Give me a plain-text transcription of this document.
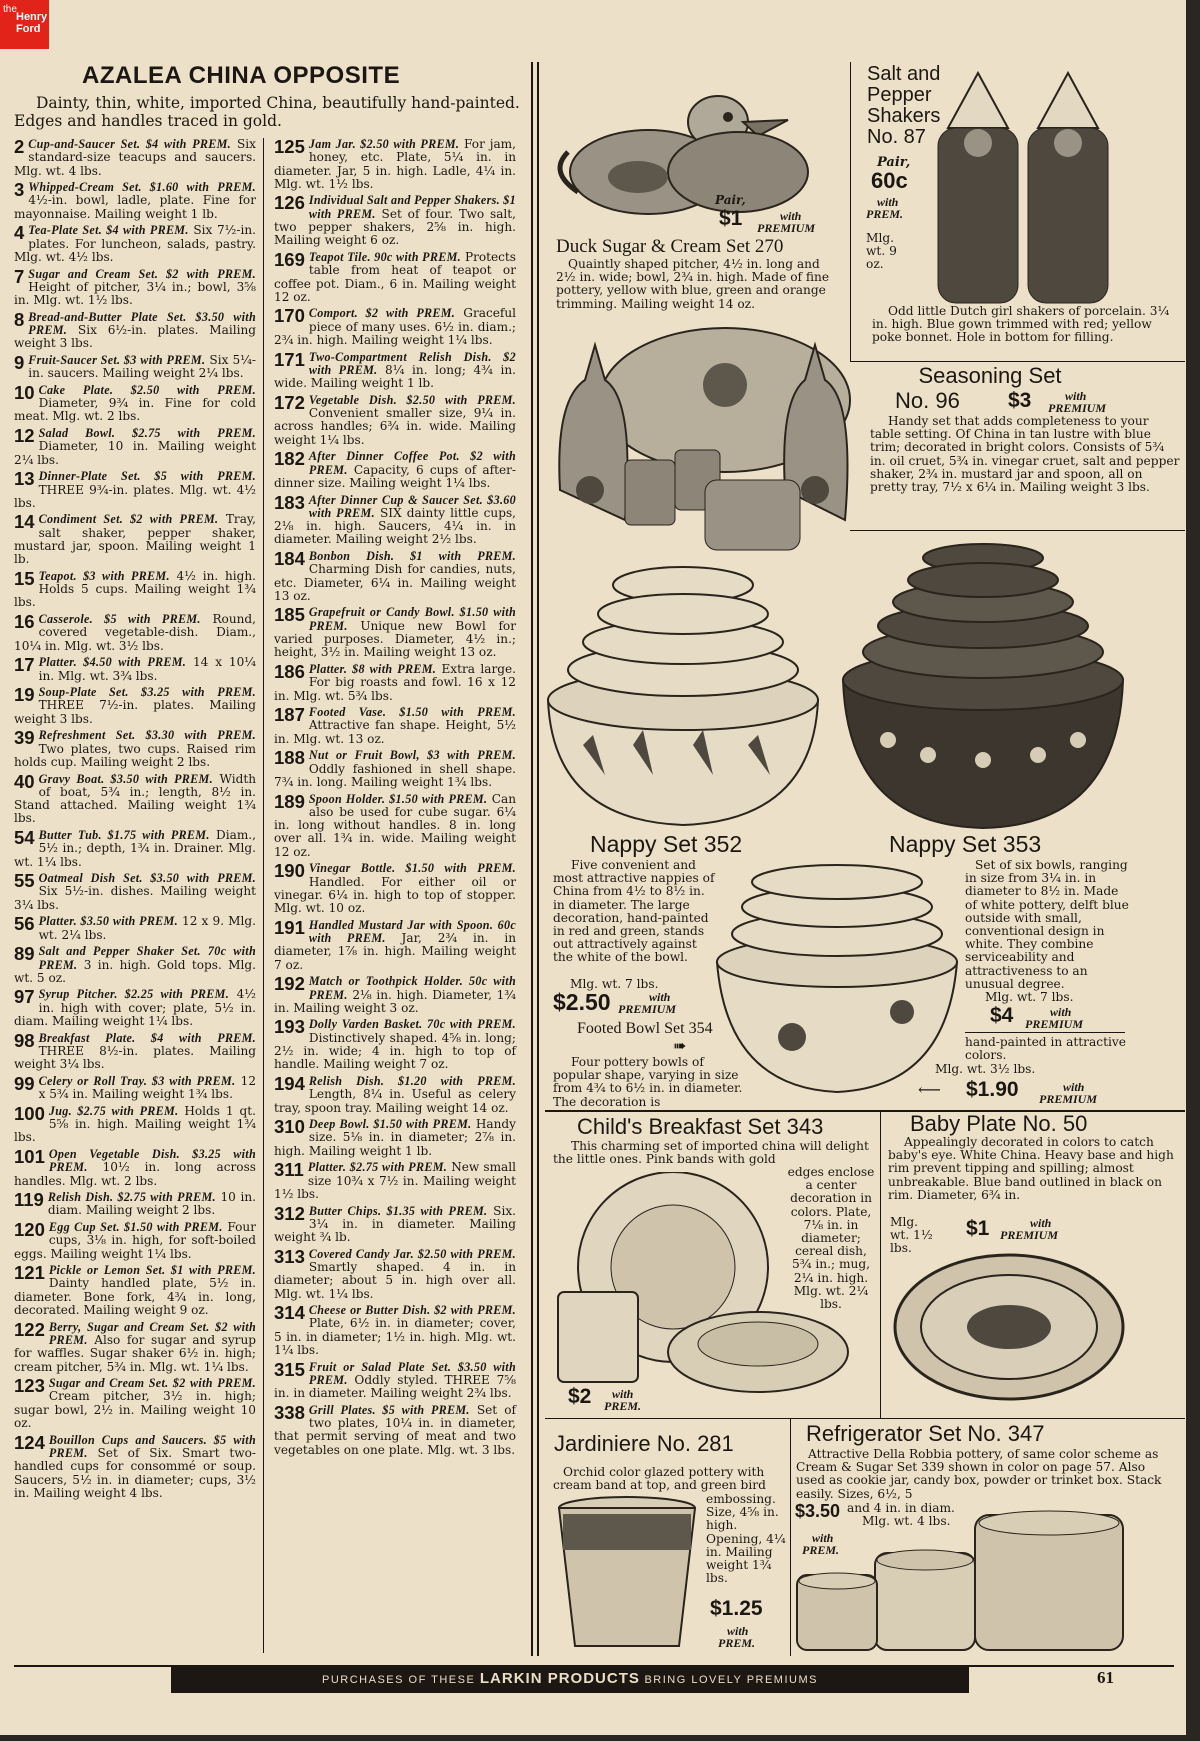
the
Henry
Ford
AZALEA CHINA OPPOSITE
Dainty, thin, white, imported China, beautifully hand-painted. Edges and handles traced in gold.
2 Cup-and-Saucer Set. $4 with PREM. Six standard-size teacups and saucers. Mlg. wt. 4 lbs.
3 Whipped-Cream Set. $1.60 with PREM. 4½-in. bowl, ladle, plate. Fine for mayonnaise. Mailing weight 1 lb.
4 Tea-Plate Set. $4 with PREM. Six 7½-in. plates. For luncheon, salads, pastry. Mlg. wt. 4½ lbs.
7 Sugar and Cream Set. $2 with PREM. Height of pitcher, 3¼ in.; bowl, 3⅝ in. Mlg. wt. 1½ lbs.
8 Bread-and-Butter Plate Set. $3.50 with PREM. Six 6½-in. plates. Mailing weight 3 lbs.
9 Fruit-Saucer Set. $3 with PREM. Six 5¼-in. saucers. Mailing weight 2¼ lbs.
10 Cake Plate. $2.50 with PREM. Diameter, 9¾ in. Fine for cold meat. Mlg. wt. 2 lbs.
12 Salad Bowl. $2.75 with PREM. Diameter, 10 in. Mailing weight 2¼ lbs.
13 Dinner-Plate Set. $5 with PREM. THREE 9¾-in. plates. Mlg. wt. 4½ lbs.
14 Condiment Set. $2 with PREM. Tray, salt shaker, pepper shaker, mustard jar, spoon. Mailing weight 1 lb.
15 Teapot. $3 with PREM. 4½ in. high. Holds 5 cups. Mailing weight 1¾ lbs.
16 Casserole. $5 with PREM. Round, covered vegetable-dish. Diam., 10¼ in. Mlg. wt. 3½ lbs.
17 Platter. $4.50 with PREM. 14 x 10¼ in. Mlg. wt. 3¾ lbs.
19 Soup-Plate Set. $3.25 with PREM. THREE 7½-in. plates. Mailing weight 3 lbs.
39 Refreshment Set. $3.30 with PREM. Two plates, two cups. Raised rim holds cup. Mailing weight 2 lbs.
40 Gravy Boat. $3.50 with PREM. Width of boat, 5¾ in.; length, 8½ in. Stand attached. Mailing weight 1¾ lbs.
54 Butter Tub. $1.75 with PREM. Diam., 5½ in.; depth, 1¾ in. Drainer. Mlg. wt. 1¼ lbs.
55 Oatmeal Dish Set. $3.50 with PREM. Six 5½-in. dishes. Mailing weight 3¼ lbs.
56 Platter. $3.50 with PREM. 12 x 9. Mlg. wt. 2¼ lbs.
89 Salt and Pepper Shaker Set. 70c with PREM. 3 in. high. Gold tops. Mlg. wt. 5 oz.
97 Syrup Pitcher. $2.25 with PREM. 4½ in. high with cover; plate, 5½ in. diam. Mailing weight 1¼ lbs.
98 Breakfast Plate. $4 with PREM. THREE 8½-in. plates. Mailing weight 3¼ lbs.
99 Celery or Roll Tray. $3 with PREM. 12 x 5¾ in. Mailing weight 1¾ lbs.
100 Jug. $2.75 with PREM. Holds 1 qt. 5⅝ in. high. Mailing weight 1¾ lbs.
101 Open Vegetable Dish. $3.25 with PREM. 10½ in. long across handles. Mlg. wt. 2 lbs.
119 Relish Dish. $2.75 with PREM. 10 in. diam. Mailing weight 2 lbs.
120 Egg Cup Set. $1.50 with PREM. Four cups, 3⅛ in. high, for soft-boiled eggs. Mailing weight 1¼ lbs.
121 Pickle or Lemon Set. $1 with PREM. Dainty handled plate, 5½ in. diameter. Bone fork, 4¾ in. long, decorated. Mailing weight 9 oz.
122 Berry, Sugar and Cream Set. $2 with PREM. Also for sugar and syrup for waffles. Sugar shaker 6½ in. high; cream pitcher, 5¾ in. Mlg. wt. 1¼ lbs.
123 Sugar and Cream Set. $2 with PREM. Cream pitcher, 3½ in. high; sugar bowl, 2½ in. Mailing weight 10 oz.
124 Bouillon Cups and Saucers. $5 with PREM. Set of Six. Smart two-handled cups for consommé or soup. Saucers, 5½ in. in diameter; cups, 3½ in. Mailing weight 4 lbs.
125 Jam Jar. $2.50 with PREM. For jam, honey, etc. Plate, 5¼ in. in diameter. Jar, 5 in. high. Ladle, 4¼ in. Mlg. wt. 1½ lbs.
126 Individual Salt and Pepper Shakers. $1 with PREM. Set of four. Two salt, two pepper shakers, 2⅝ in. high. Mailing weight 6 oz.
169 Teapot Tile. 90c with PREM. Protects table from heat of teapot or coffee pot. Diam., 6 in. Mailing weight 12 oz.
170 Comport. $2 with PREM. Graceful piece of many uses. 6½ in. diam.; 2¾ in. high. Mailing weight 1¼ lbs.
171 Two-Compartment Relish Dish. $2 with PREM. 8¼ in. long; 4¾ in. wide. Mailing weight 1 lb.
172 Vegetable Dish. $2.50 with PREM. Convenient smaller size, 9¼ in. across handles; 6¾ in. wide. Mailing weight 1¼ lbs.
182 After Dinner Coffee Pot. $2 with PREM. Capacity, 6 cups of after-dinner size. Mailing weight 1¼ lbs.
183 After Dinner Cup & Saucer Set. $3.60 with PREM. SIX dainty little cups, 2⅛ in. high. Saucers, 4¼ in. in diameter. Mailing weight 2½ lbs.
184 Bonbon Dish. $1 with PREM. Charming Dish for candies, nuts, etc. Diameter, 6¼ in. Mailing weight 13 oz.
185 Grapefruit or Candy Bowl. $1.50 with PREM. Unique new Bowl for varied purposes. Diameter, 4½ in.; height, 3½ in. Mailing weight 13 oz.
186 Platter. $8 with PREM. Extra large. For big roasts and fowl. 16 x 12 in. Mlg. wt. 5¾ lbs.
187 Footed Vase. $1.50 with PREM. Attractive fan shape. Height, 5½ in. Mlg. wt. 13 oz.
188 Nut or Fruit Bowl, $3 with PREM. Oddly fashioned in shell shape. 7¾ in. long. Mailing weight 1¾ lbs.
189 Spoon Holder. $1.50 with PREM. Can also be used for cube sugar. 6¼ in. long without handles. 8 in. long over all. 1¾ in. wide. Mailing weight 12 oz.
190 Vinegar Bottle. $1.50 with PREM. Handled. For either oil or vinegar. 6¼ in. high to top of stopper. Mlg. wt. 10 oz.
191 Handled Mustard Jar with Spoon. 60c with PREM. Jar, 2¾ in. in diameter, 1⅞ in. high. Mailing weight 7 oz.
192 Match or Toothpick Holder. 50c with PREM. 2⅛ in. high. Diameter, 1¾ in. Mailing weight 3 oz.
193 Dolly Varden Basket. 70c with PREM. Distinctively shaped. 4⅝ in. long; 2½ in. wide; 4 in. high to top of handle. Mailing weight 7 oz.
194 Relish Dish. $1.20 with PREM. Length, 8¼ in. Useful as celery tray, spoon tray. Mailing weight 14 oz.
310 Deep Bowl. $1.50 with PREM. Handy size. 5⅛ in. in diameter; 2⅞ in. high. Mailing weight 1 lb.
311 Platter. $2.75 with PREM. New small size 10¾ x 7½ in. Mailing weight 1½ lbs.
312 Butter Chips. $1.35 with PREM. Six. 3¼ in. in diameter. Mailing weight ¾ lb.
313 Covered Candy Jar. $2.50 with PREM. Smartly shaped. 4 in. in diameter; about 5 in. high over all. Mlg. wt. 1¼ lbs.
314 Cheese or Butter Dish. $2 with PREM. Plate, 6½ in. in diameter; cover, 5 in. in diameter; 1½ in. high. Mlg. wt. 1¼ lbs.
315 Fruit or Salad Plate Set. $3.50 with PREM. Oddly styled. THREE 7⅝ in. in diameter. Mailing weight 2¾ lbs.
338 Grill Plates. $5 with PREM. Set of two plates, 10¼ in. in diameter, that permit serving of meat and two vegetables on one plate. Mlg. wt. 3 lbs.
Pair,
$1	with
PREMIUM
Duck Sugar & Cream Set 270
Quaintly shaped pitcher, 4½ in. long and 2½ in. wide; bowl, 2¾ in. high. Made of fine pottery, yellow with blue, green and orange trimming. Mailing weight 14 oz.
Salt and Pepper Shakers No. 87
Pair,
60c
with
PREM.
Mlg. wt. 9 oz.
Odd little Dutch girl shakers of porcelain. 3¼ in. high. Blue gown trimmed with red; yellow poke bonnet. Hole in bottom for filling.
Seasoning Set
No. 96 $3	with
PREMIUM
Handy set that adds completeness to your table setting. Of China in tan lustre with blue trim; decorated in bright colors. Consists of 5¾ in. oil cruet, 5¾ in. vinegar cruet, salt and pepper shaker, 2¾ in. mustard jar and spoon, all on pretty tray, 7½ x 6¼ in. Mailing weight 3 lbs.
Nappy Set 352	Nappy Set 353
Five convenient and most attractive nappies of China from 4½ to 8½ in. in diameter. The large decoration, hand-painted in red and green, stands out attractively against the white of the bowl.
Mlg. wt. 7 lbs.
$2.50	with
PREMIUM
Footed Bowl Set 354
➠
Four pottery bowls of popular shape, varying in size from 4¾ to 6½ in. in diameter. The decoration is
Set of six bowls, ranging in size from 3¼ in. in diameter to 8½ in. Made of white pottery, delft blue outside with small, conventional design in white. They combine serviceability and attractiveness to an unusual degree.
Mlg. wt. 7 lbs.
$4	with
PREMIUM
hand-painted in attractive colors.
Mlg. wt. 3½ lbs.
⟵ $1.90	with
PREMIUM
Child's Breakfast Set 343
This charming set of imported china will delight the little ones. Pink bands with gold
edges enclose a center decoration in colors. Plate, 7⅛ in. in diameter; cereal dish, 5¾ in.; mug, 2¼ in. high. Mlg. wt. 2¼ lbs.
$2 with
PREM.
Baby Plate No. 50
Appealingly decorated in colors to catch baby's eye. White China. Heavy base and high rim prevent tipping and spilling; almost unbreakable. Blue band outlined in black on rim. Diameter, 6¾ in.
Mlg. wt. 1½ lbs.
$1	with
PREMIUM
Jardiniere No. 281
Orchid color glazed pottery with cream band at top, and green bird
embossing. Size, 4⅝ in. high. Opening, 4¼ in. Mailing weight 1¾ lbs.
$1.25
with
PREM.
Refrigerator Set No. 347
Attractive Della Robbia pottery, of same color scheme as Cream & Sugar Set 339 shown in color on page 57. Also used as cookie jar, candy box, powder or trinket box. Stack easily. Sizes, 6½, 5
and 4 in. in diam.
Mlg. wt. 4 lbs.
$3.50
with
PREM.
PURCHASES OF THESE LARKIN PRODUCTS BRING LOVELY PREMIUMS	61
